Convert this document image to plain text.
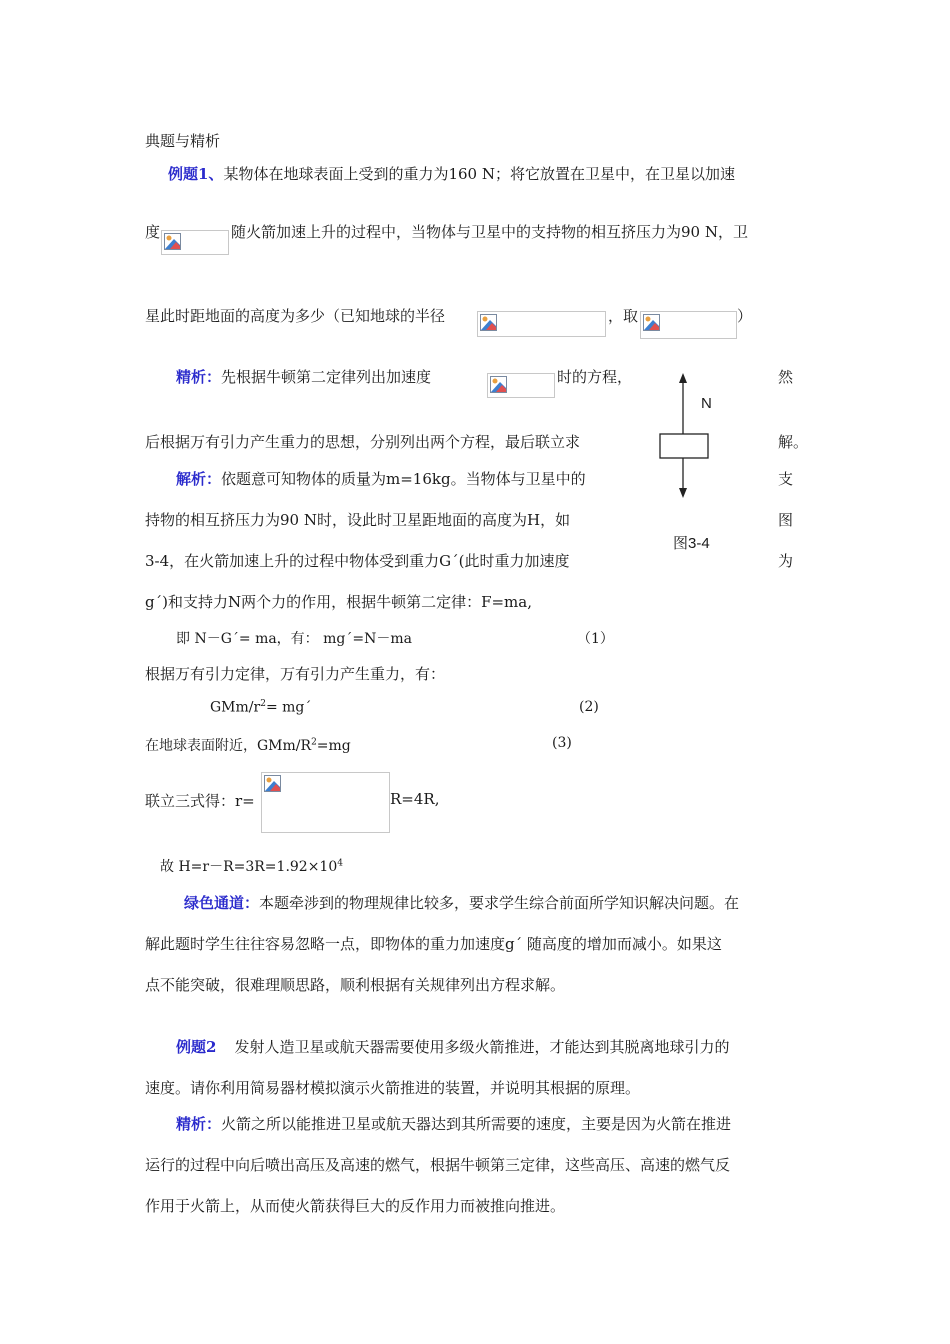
典题与精析
例题1、某物体在地球表面上受到的重力为160 N；将它放置在卫星中，在卫星以加速
度	随火箭加速上升的过程中，当物体与卫星中的支持物的相互挤压力为90 N，卫
星此时距地面的高度为多少（已知地球的半径	，取	）
精析：先根据牛顿第二定律列出加速度	时的方程，	然
后根据万有引力产生重力的思想，分别列出两个方程，最后联立求	解。
N
图3-4
解析：依题意可知物体的质量为m=16kg。当物体与卫星中的	支
持物的相互挤压力为90 N时，设此时卫星距地面的高度为H，如	图
3-4，在火箭加速上升的过程中物体受到重力G´(此时重力加速度	为
g´)和支持力N两个力的作用，根据牛顿第二定律：F=ma,
即 N－G´= ma，有： mg´=N－ma	（1）
根据万有引力定律，万有引力产生重力，有：
GMm/$r^2=$ mg´	(2)
在地球表面附近，GMm/$R^2=mg$	(3)
联立三式得：r=	R=4R,
故 $H=r-R=3R=1.92\times 10^4$
绿色通道：本题牵涉到的物理规律比较多，要求学生综合前面所学知识解决问题。在
解此题时学生往往容易忽略一点，即物体的重力加速度g´ 随高度的增加而减小。如果这
点不能突破，很难理顺思路，顺利根据有关规律列出方程求解。
例题2 发射人造卫星或航天器需要使用多级火箭推进，才能达到其脱离地球引力的
速度。请你利用简易器材模拟演示火箭推进的装置，并说明其根据的原理。
精析：火箭之所以能推进卫星或航天器达到其所需要的速度，主要是因为火箭在推进
运行的过程中向后喷出高压及高速的燃气，根据牛顿第三定律，这些高压、高速的燃气反
作用于火箭上，从而使火箭获得巨大的反作用力而被推向推进。
